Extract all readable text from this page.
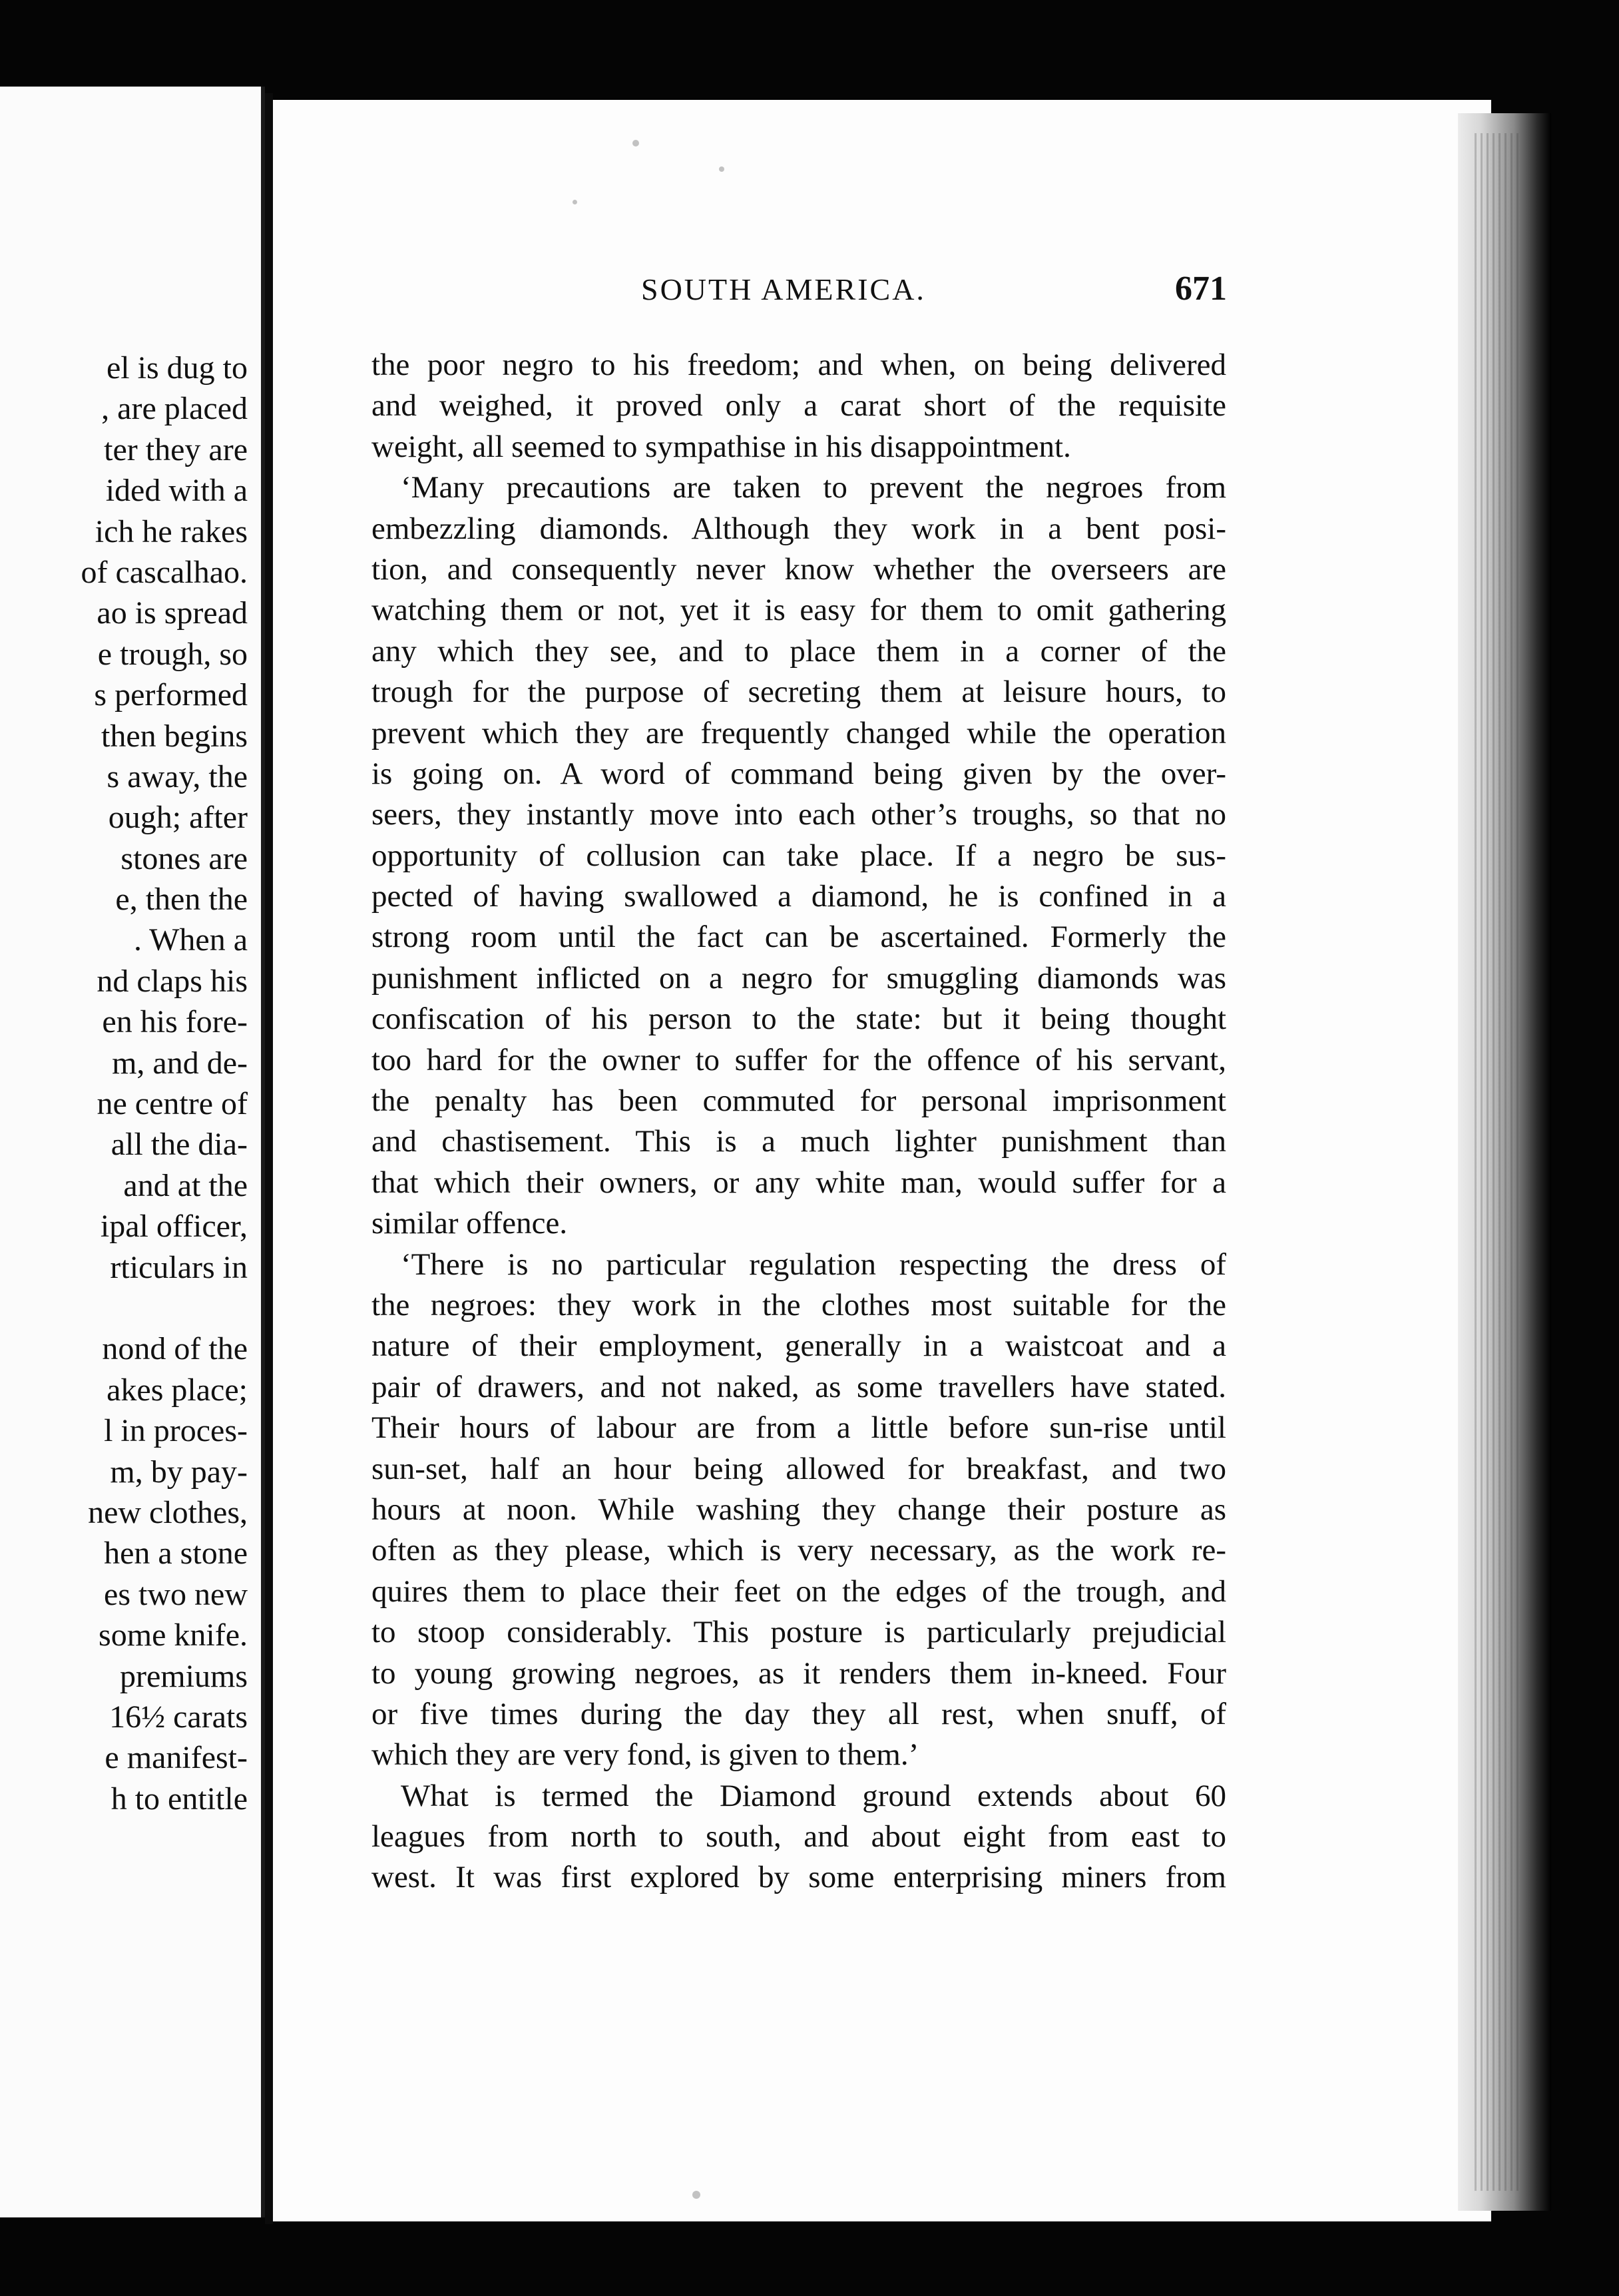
el is dug to
, are placed
ter they are
ided with a
ich he rakes
of cascalhao.
ao is spread
e trough, so
s performed
then begins
s away, the
ough; after
stones are
e, then the
. When a
nd claps his
en his fore-
m, and de-
ne centre of
all the dia-
and at the
ipal officer,
rticulars in
nond of the
akes place;
l in proces-
m, by pay-
new clothes,
hen a stone
es two new
some knife.
premiums
16½ carats
e manifest-
h to entitle
SOUTH AMERICA.	671
the poor negro to his freedom; and when, on being delivered
and weighed, it proved only a carat short of the requisite
weight, all seemed to sympathise in his disappointment.
‘Many precautions are taken to prevent the negroes from
embezzling diamonds. Although they work in a bent posi-
tion, and consequently never know whether the overseers are
watching them or not, yet it is easy for them to omit gathering
any which they see, and to place them in a corner of the
trough for the purpose of secreting them at leisure hours, to
prevent which they are frequently changed while the operation
is going on. A word of command being given by the over-
seers, they instantly move into each other’s troughs, so that no
opportunity of collusion can take place. If a negro be sus-
pected of having swallowed a diamond, he is confined in a
strong room until the fact can be ascertained. Formerly the
punishment inflicted on a negro for smuggling diamonds was
confiscation of his person to the state: but it being thought
too hard for the owner to suffer for the offence of his servant,
the penalty has been commuted for personal imprisonment
and chastisement. This is a much lighter punishment than
that which their owners, or any white man, would suffer for a
similar offence.
‘There is no particular regulation respecting the dress of
the negroes: they work in the clothes most suitable for the
nature of their employment, generally in a waistcoat and a
pair of drawers, and not naked, as some travellers have stated.
Their hours of labour are from a little before sun-rise until
sun-set, half an hour being allowed for breakfast, and two
hours at noon. While washing they change their posture as
often as they please, which is very necessary, as the work re-
quires them to place their feet on the edges of the trough, and
to stoop considerably. This posture is particularly prejudicial
to young growing negroes, as it renders them in-kneed. Four
or five times during the day they all rest, when snuff, of
which they are very fond, is given to them.’
What is termed the Diamond ground extends about 60
leagues from north to south, and about eight from east to
west. It was first explored by some enterprising miners from
